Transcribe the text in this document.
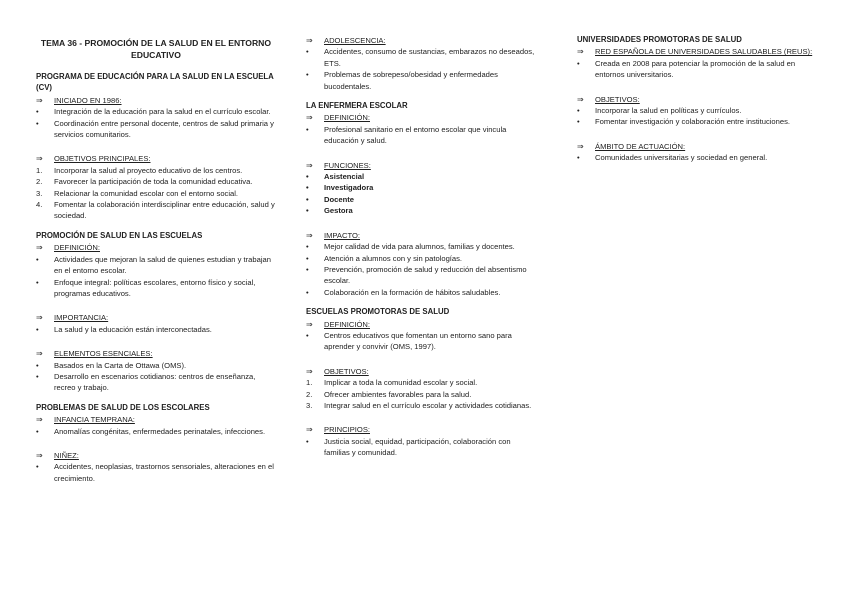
TEMA 36 - PROMOCIÓN DE LA SALUD EN EL ENTORNO EDUCATIVO
PROGRAMA DE EDUCACIÓN PARA LA SALUD EN LA ESCUELA (CV)
⇒ INICIADO EN 1986:
• Integración de la educación para la salud en el currículo escolar.
• Coordinación entre personal docente, centros de salud primaria y servicios comunitarios.
⇒ OBJETIVOS PRINCIPALES:
1. Incorporar la salud al proyecto educativo de los centros.
2. Favorecer la participación de toda la comunidad educativa.
3. Relacionar la comunidad escolar con el entorno social.
4. Fomentar la colaboración interdisciplinar entre educación, salud y sociedad.
PROMOCIÓN DE SALUD EN LAS ESCUELAS
⇒ DEFINICIÓN:
• Actividades que mejoran la salud de quienes estudian y trabajan en el entorno escolar.
• Enfoque integral: políticas escolares, entorno físico y social, programas educativos.
⇒ IMPORTANCIA:
• La salud y la educación están interconectadas.
⇒ ELEMENTOS ESENCIALES:
• Basados en la Carta de Ottawa (OMS).
• Desarrollo en escenarios cotidianos: centros de enseñanza, recreo y trabajo.
PROBLEMAS DE SALUD DE LOS ESCOLARES
⇒ INFANCIA TEMPRANA:
• Anomalías congénitas, enfermedades perinatales, infecciones.
⇒ NIÑEZ:
• Accidentes, neoplasias, trastornos sensoriales, alteraciones en el crecimiento.
⇒ ADOLESCENCIA:
• Accidentes, consumo de sustancias, embarazos no deseados, ETS.
• Problemas de sobrepeso/obesidad y enfermedades bucodentales.
LA ENFERMERA ESCOLAR
⇒ DEFINICIÓN:
• Profesional sanitario en el entorno escolar que vincula educación y salud.
⇒ FUNCIONES:
• Asistencial
• Investigadora
• Docente
• Gestora
⇒ IMPACTO:
• Mejor calidad de vida para alumnos, familias y docentes.
• Atención a alumnos con y sin patologías.
• Prevención, promoción de salud y reducción del absentismo escolar.
• Colaboración en la formación de hábitos saludables.
ESCUELAS PROMOTORAS DE SALUD
⇒ DEFINICIÓN:
• Centros educativos que fomentan un entorno sano para aprender y convivir (OMS, 1997).
⇒ OBJETIVOS:
1. Implicar a toda la comunidad escolar y social.
2. Ofrecer ambientes favorables para la salud.
3. Integrar salud en el currículo escolar y actividades cotidianas.
⇒ PRINCIPIOS:
• Justicia social, equidad, participación, colaboración con familias y comunidad.
UNIVERSIDADES PROMOTORAS DE SALUD
⇒ RED ESPAÑOLA DE UNIVERSIDADES SALUDABLES (REUS):
• Creada en 2008 para potenciar la promoción de la salud en entornos universitarios.
⇒ OBJETIVOS:
• Incorporar la salud en políticas y currículos.
• Fomentar investigación y colaboración entre instituciones.
⇒ ÁMBITO DE ACTUACIÓN:
• Comunidades universitarias y sociedad en general.
